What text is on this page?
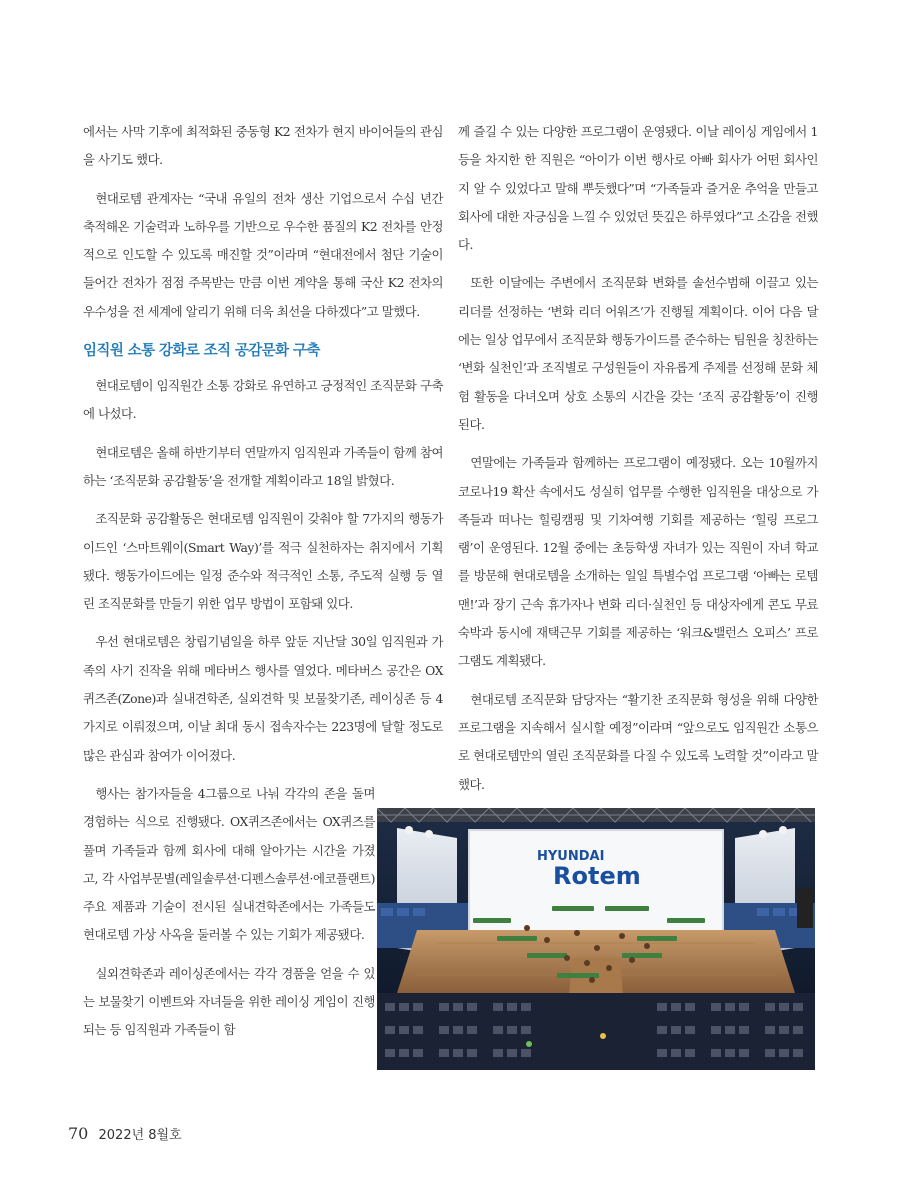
에서는 사막 기후에 최적화된 중동형 K2 전차가 현지 바이어들의 관심을 사기도 했다.

현대로템 관계자는 “국내 유일의 전차 생산 기업으로서 수십 년간 축적해온 기술력과 노하우를 기반으로 우수한 품질의 K2 전차를 안정적으로 인도할 수 있도록 매진할 것”이라며 “현대전에서 첨단 기술이 들어간 전차가 점점 주목받는 만큼 이번 계약을 통해 국산 K2 전차의 우수성을 전 세계에 알리기 위해 더욱 최선을 다하겠다”고 말했다.

임직원 소통 강화로 조직 공감문화 구축

현대로템이 임직원간 소통 강화로 유연하고 긍정적인 조직문화 구축에 나섰다.

현대로템은 올해 하반기부터 연말까지 임직원과 가족들이 함께 참여하는 ‘조직문화 공감활동’을 전개할 계획이라고 18일 밝혔다.

조직문화 공감활동은 현대로템 임직원이 갖춰야 할 7가지의 행동가이드인 ‘스마트웨이(Smart Way)’를 적극 실천하자는 취지에서 기획됐다. 행동가이드에는 일정 준수와 적극적인 소통, 주도적 실행 등 열린 조직문화를 만들기 위한 업무 방법이 포함돼 있다.

우선 현대로템은 창립기념일을 하루 앞둔 지난달 30일 임직원과 가족의 사기 진작을 위해 메타버스 행사를 열었다. 메타버스 공간은 OX퀴즈존(Zone)과 실내견학존, 실외견학 및 보물찾기존, 레이싱존 등 4가지로 이뤄졌으며, 이날 최대 동시 접속자수는 223명에 달할 정도로 많은 관심과 참여가 이어졌다.

행사는 참가자들을 4그룹으로 나눠 각각의 존을 돌며 경험하는 식으로 진행됐다. OX퀴즈존에서는 OX퀴즈를 풀며 가족들과 함께 회사에 대해 알아가는 시간을 가졌고, 각 사업부문별(레일솔루션·디펜스솔루션·에코플랜트) 주요 제품과 기술이 전시된 실내견학존에서는 가족들도 현대로템 가상 사옥을 둘러볼 수 있는 기회가 제공됐다.

실외견학존과 레이싱존에서는 각각 경품을 얻을 수 있는 보물찾기 이벤트와 자녀들을 위한 레이싱 게임이 진행되는 등 임직원과 가족들이 함

께 즐길 수 있는 다양한 프로그램이 운영됐다. 이날 레이싱 게임에서 1등을 차지한 한 직원은 “아이가 이번 행사로 아빠 회사가 어떤 회사인지 알 수 있었다고 말해 뿌듯했다”며 “가족들과 즐거운 추억을 만들고 회사에 대한 자긍심을 느낄 수 있었던 뜻깊은 하루였다”고 소감을 전했다.

또한 이달에는 주변에서 조직문화 변화를 솔선수범해 이끌고 있는 리더를 선정하는 ‘변화 리더 어워즈’가 진행될 계획이다. 이어 다음 달에는 일상 업무에서 조직문화 행동가이드를 준수하는 팀원을 칭찬하는 ‘변화 실천인’과 조직별로 구성원들이 자유롭게 주제를 선정해 문화 체험 활동을 다녀오며 상호 소통의 시간을 갖는 ‘조직 공감활동’이 진행된다.

연말에는 가족들과 함께하는 프로그램이 예정됐다. 오는 10월까지 코로나19 확산 속에서도 성실히 업무를 수행한 임직원을 대상으로 가족들과 떠나는 힐링캠핑 및 기차여행 기회를 제공하는 ‘힐링 프로그램’이 운영된다. 12월 중에는 초등학생 자녀가 있는 직원이 자녀 학교를 방문해 현대로템을 소개하는 일일 특별수업 프로그램 ‘아빠는 로템맨!’과 장기 근속 휴가자나 변화 리더·실천인 등 대상자에게 콘도 무료 숙박과 동시에 재택근무 기회를 제공하는 ‘워크&밸런스 오피스’ 프로그램도 계획됐다.

현대로템 조직문화 담당자는 “활기찬 조직문화 형성을 위해 다양한 프로그램을 지속해서 실시할 예정”이라며 “앞으로도 임직원간 소통으로 현대로템만의 열린 조직문화를 다질 수 있도록 노력할 것”이라고 말했다.

HYUNDAI
Rotem
70 2022년 8월호
